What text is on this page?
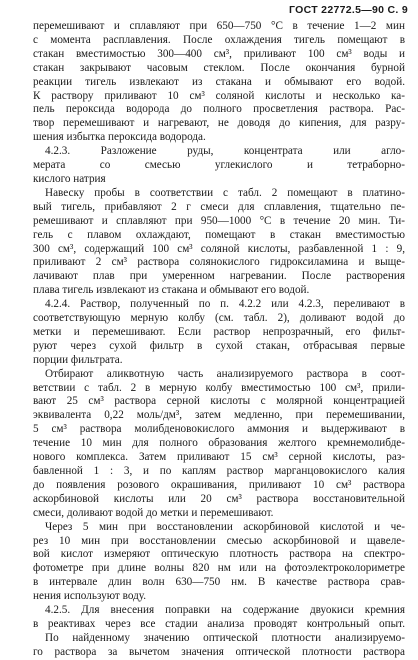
ГОСТ 22772.5—90 С. 9
перемешивают и сплавляют при 650—750 °С в течение 1—2 мин
с момента расплавления. После охлаждения тигель помещают в
стакан вместимостью 300—400 см³, приливают 100 см³ воды и
стакан закрывают часовым стеклом. После окончания бурной
реакции тигель извлекают из стакана и обмывают его водой.
К раствору приливают 10 см³ соляной кислоты и несколько ка-
пель пероксида водорода до полного просветления раствора. Рас-
твор перемешивают и нагревают, не доводя до кипения, для разру-
шения избытка пероксида водорода.
4.2.3. Разложение руды, концентрата или агло-
мерата со смесью углекислого и тетраборно-
кислого натрия
Навеску пробы в соответствии с табл. 2 помещают в платино-
вый тигель, прибавляют 2 г смеси для сплавления, тщательно пе-
ремешивают и сплавляют при 950—1000 °С в течение 20 мин. Ти-
гель с плавом охлаждают, помещают в стакан вместимостью
300 см³, содержащий 100 см³ соляной кислоты, разбавленной 1 : 9,
приливают 2 см³ раствора солянокислого гидроксиламина и выще-
лачивают плав при умеренном нагревании. После растворения
плава тигель извлекают из стакана и обмывают его водой.
4.2.4. Раствор, полученный по п. 4.2.2 или 4.2.3, переливают в
соответствующую мерную колбу (см. табл. 2), доливают водой до
метки и перемешивают. Если раствор непрозрачный, его фильт-
руют через сухой фильтр в сухой стакан, отбрасывая первые
порции фильтрата.
Отбирают аликвотную часть анализируемого раствора в соот-
ветствии с табл. 2 в мерную колбу вместимостью 100 см³, прили-
вают 25 см³ раствора серной кислоты с молярной концентрацией
эквивалента 0,22 моль/дм³, затем медленно, при перемешивании,
5 см³ раствора молибденовокислого аммония и выдерживают в
течение 10 мин для полного образования желтого кремнемолибде-
нового комплекса. Затем приливают 15 см³ серной кислоты, раз-
бавленной 1 : 3, и по каплям раствор марганцовокислого калия
до появления розового окрашивания, приливают 10 см³ раствора
аскорбиновой кислоты или 20 см³ раствора восстановительной
смеси, доливают водой до метки и перемешивают.
Через 5 мин при восстановлении аскорбиновой кислотой и че-
рез 10 мин при восстановлении смесью аскорбиновой и щавеле-
вой кислот измеряют оптическую плотность раствора на спектро-
фотометре при длине волны 820 нм или на фотоэлектроколориметре
в интервале длин волн 630—750 нм. В качестве раствора срав-
нения используют воду.
4.2.5. Для внесения поправки на содержание двуокиси кремния
в реактивах через все стадии анализа проводят контрольный опыт.
По найденному значению оптической плотности анализируемо-
го раствора за вычетом значения оптической плотности раствора
